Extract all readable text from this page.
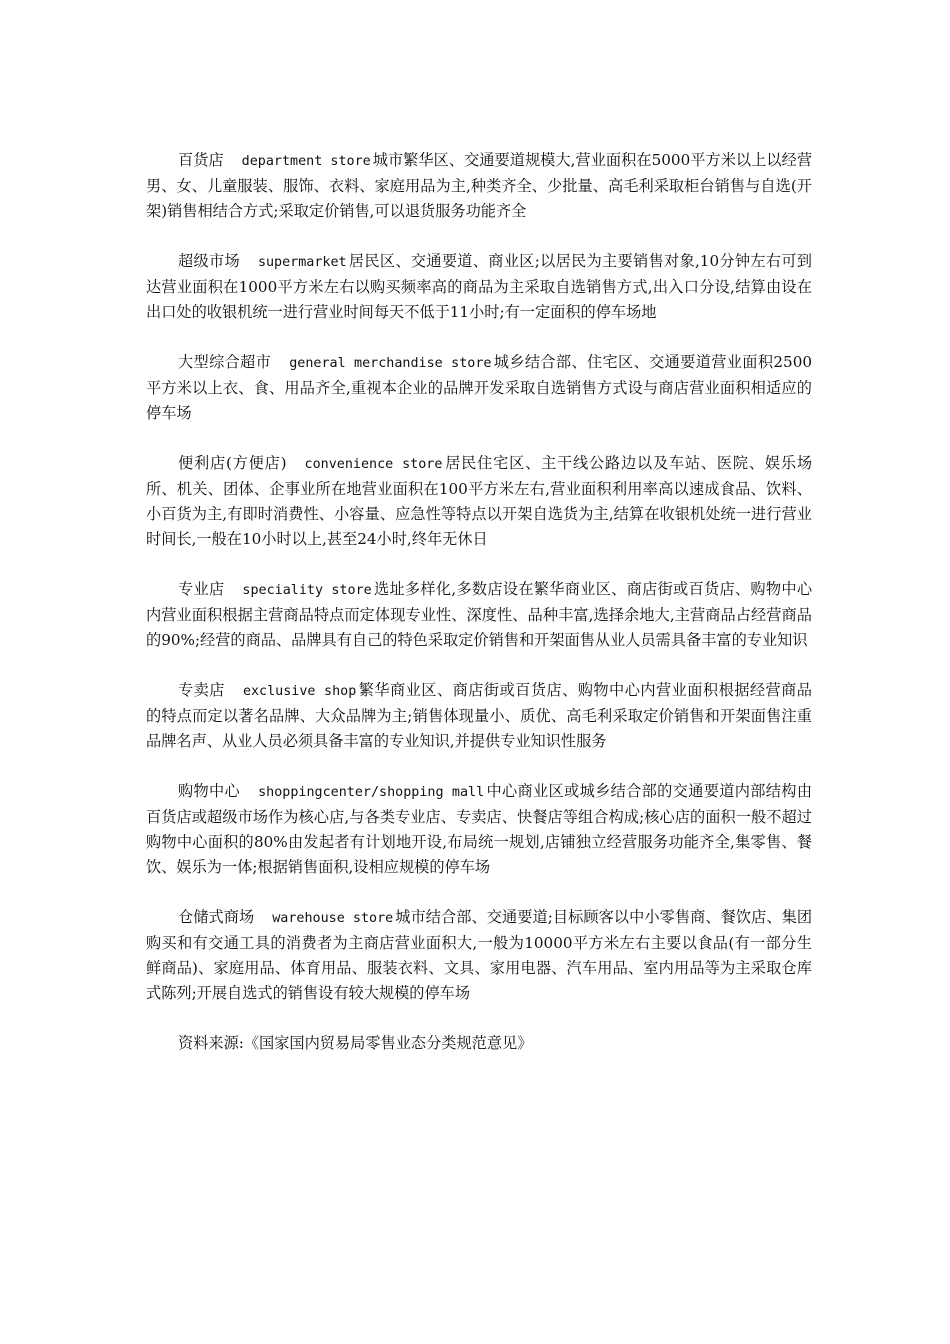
百货店 department store 城市繁华区、交通要道规模大,营业面积在5000平方米以上以经营男、女、儿童服装、服饰、衣料、家庭用品为主,种类齐全、少批量、高毛利采取柜台销售与自选(开架)销售相结合方式;采取定价销售,可以退货服务功能齐全

超级市场 supermarket 居民区、交通要道、商业区;以居民为主要销售对象,10分钟左右可到达营业面积在1000平方米左右以购买频率高的商品为主采取自选销售方式,出入口分设,结算由设在出口处的收银机统一进行营业时间每天不低于11小时;有一定面积的停车场地

大型综合超市 general merchandise store 城乡结合部、住宅区、交通要道营业面积2500平方米以上衣、食、用品齐全,重视本企业的品牌开发采取自选销售方式设与商店营业面积相适应的停车场

便利店(方便店) convenience store 居民住宅区、主干线公路边以及车站、医院、娱乐场所、机关、团体、企事业所在地营业面积在100平方米左右,营业面积利用率高以速成食品、饮料、小百货为主,有即时消费性、小容量、应急性等特点以开架自选货为主,结算在收银机处统一进行营业时间长,一般在10小时以上,甚至24小时,终年无休日

专业店 speciality store 选址多样化,多数店设在繁华商业区、商店街或百货店、购物中心内营业面积根据主营商品特点而定体现专业性、深度性、品种丰富,选择余地大,主营商品占经营商品的90%;经营的商品、品牌具有自己的特色采取定价销售和开架面售从业人员需具备丰富的专业知识

专卖店 exclusive shop 繁华商业区、商店街或百货店、购物中心内营业面积根据经营商品的特点而定以著名品牌、大众品牌为主;销售体现量小、质优、高毛利采取定价销售和开架面售注重品牌名声、从业人员必须具备丰富的专业知识,并提供专业知识性服务

购物中心 shoppingcenter/shopping mall 中心商业区或城乡结合部的交通要道内部结构由百货店或超级市场作为核心店,与各类专业店、专卖店、快餐店等组合构成;核心店的面积一般不超过购物中心面积的80%由发起者有计划地开设,布局统一规划,店铺独立经营服务功能齐全,集零售、餐饮、娱乐为一体;根据销售面积,设相应规模的停车场

仓储式商场 warehouse store 城市结合部、交通要道;目标顾客以中小零售商、餐饮店、集团购买和有交通工具的消费者为主商店营业面积大,一般为10000平方米左右主要以食品(有一部分生鲜商品)、家庭用品、体育用品、服装衣料、文具、家用电器、汽车用品、室内用品等为主采取仓库式陈列;开展自选式的销售设有较大规模的停车场

资料来源:《国家国内贸易局零售业态分类规范意见》
